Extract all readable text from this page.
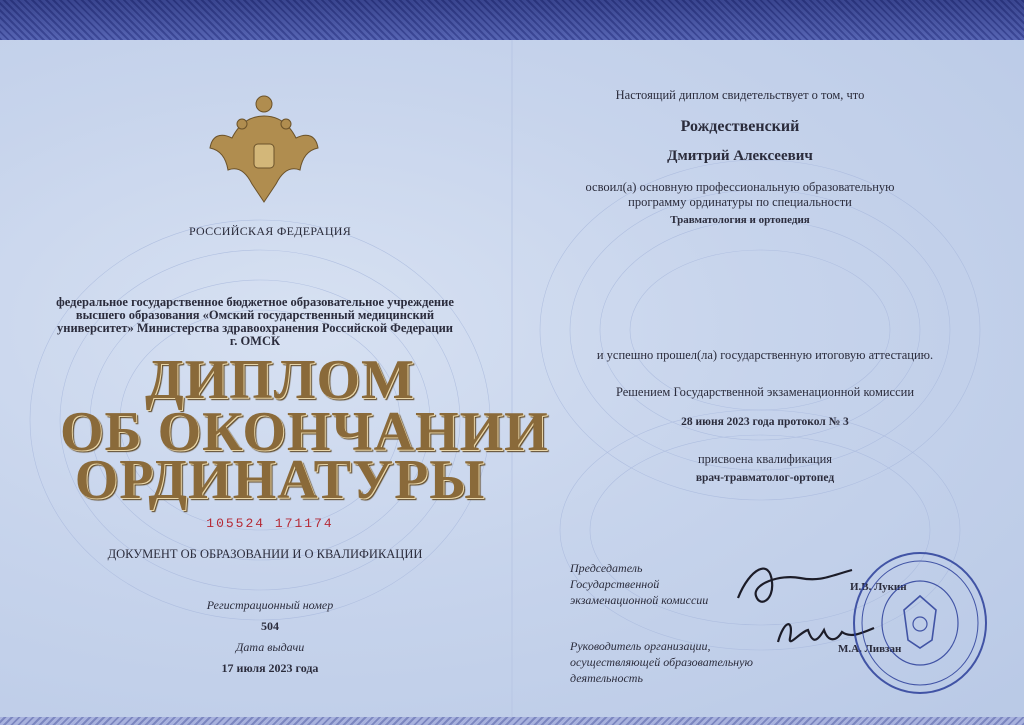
РОССИЙСКАЯ ФЕДЕРАЦИЯ
федеральное государственное бюджетное образовательное учреждение
высшего образования «Омский государственный медицинский
университет» Министерства здравоохранения Российской Федерации
г. ОМСК
ДИПЛОМ
ОБ ОКОНЧАНИИ
ОРДИНАТУРЫ
105524 171174
ДОКУМЕНТ ОБ ОБРАЗОВАНИИ И О КВАЛИФИКАЦИИ
Регистрационный номер
504
Дата выдачи
17 июля 2023 года
Настоящий диплом свидетельствует о том, что
Рождественский
Дмитрий Алексеевич
освоил(а) основную профессиональную образовательную
программу ординатуры по специальности
Травматология и ортопедия
и успешно прошел(ла) государственную итоговую аттестацию.
Решением Государственной экзаменационной комиссии
28 июня 2023 года протокол № 3
присвоена квалификация
врач-травматолог-ортопед
Председатель
Государственной
экзаменационной комиссии
И.В. Лукин
Руководитель организации,
осуществляющей образовательную
деятельность
М.А. Ливзан
